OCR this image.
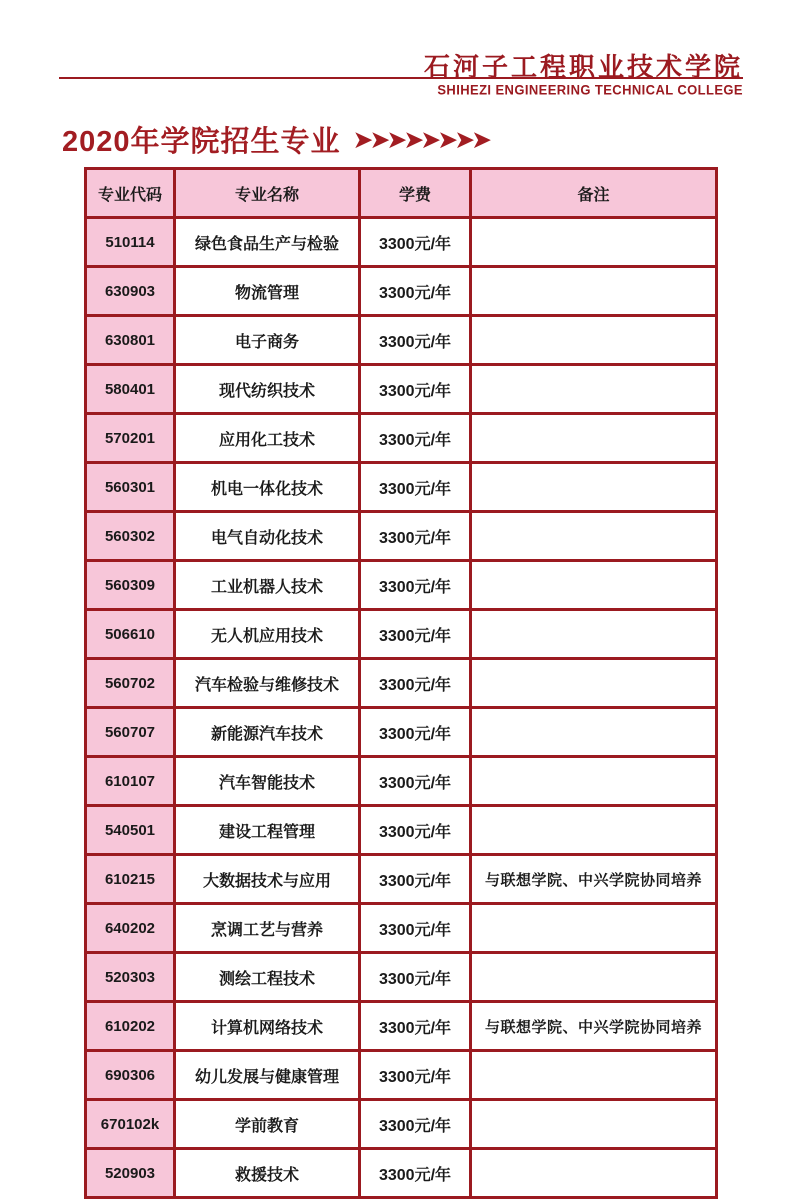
石河子工程职业技术学院
SHIHEZI ENGINEERING TECHNICAL COLLEGE
2020年学院招生专业 ➤➤➤➤➤➤➤➤
专业代码	专业名称	学费	备注
510114	绿色食品生产与检验	3300元/年	
630903	物流管理	3300元/年	
630801	电子商务	3300元/年	
580401	现代纺织技术	3300元/年	
570201	应用化工技术	3300元/年	
560301	机电一体化技术	3300元/年	
560302	电气自动化技术	3300元/年	
560309	工业机器人技术	3300元/年	
506610	无人机应用技术	3300元/年	
560702	汽车检验与维修技术	3300元/年	
560707	新能源汽车技术	3300元/年	
610107	汽车智能技术	3300元/年	
540501	建设工程管理	3300元/年	
610215	大数据技术与应用	3300元/年	与联想学院、中兴学院协同培养
640202	烹调工艺与营养	3300元/年	
520303	测绘工程技术	3300元/年	
610202	计算机网络技术	3300元/年	与联想学院、中兴学院协同培养
690306	幼儿发展与健康管理	3300元/年	
670102k	学前教育	3300元/年	
520903	救援技术	3300元/年	
